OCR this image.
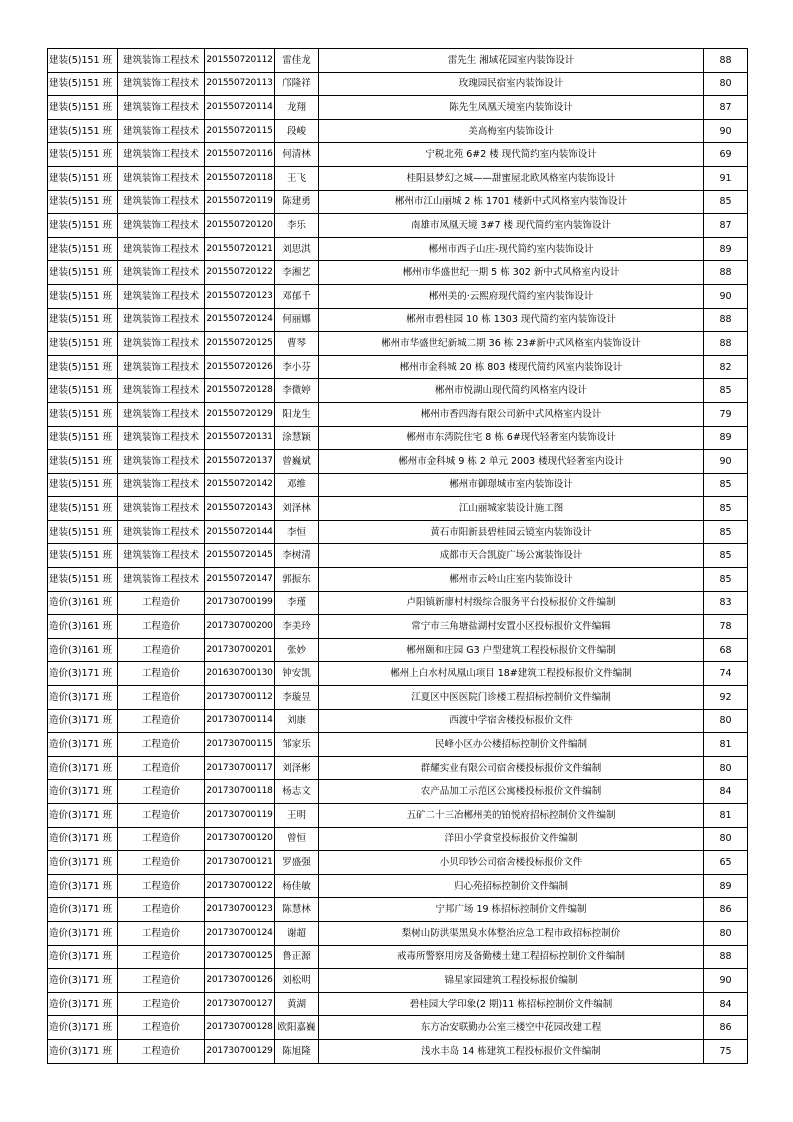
建装(5)151 班	建筑装饰工程技术	201550720112	雷佳龙	雷先生 湘域花园室内装饰设计	88
建装(5)151 班	建筑装饰工程技术	201550720113	邝隆祥	玫瑰园民宿室内装饰设计	80
建装(5)151 班	建筑装饰工程技术	201550720114	龙翔	陈先生凤凰天境室内装饰设计	87
建装(5)151 班	建筑装饰工程技术	201550720115	段峻	美高梅室内装饰设计	90
建装(5)151 班	建筑装饰工程技术	201550720116	何清林	宁税北苑 6#2 楼 现代简约室内装饰设计	69
建装(5)151 班	建筑装饰工程技术	201550720118	王飞	桂阳县梦幻之城——甜蜜屋北欧风格室内装饰设计	91
建装(5)151 班	建筑装饰工程技术	201550720119	陈建勇	郴州市江山丽城 2 栋 1701 楼新中式风格室内装饰设计	85
建装(5)151 班	建筑装饰工程技术	201550720120	李乐	南雄市凤凰天境 3#7 楼 现代简约室内装饰设计	87
建装(5)151 班	建筑装饰工程技术	201550720121	刘思淇	郴州市西子山庄-现代简约室内装饰设计	89
建装(5)151 班	建筑装饰工程技术	201550720122	李湘艺	郴州市华盛世纪一期 5 栋 302 新中式风格室内设计	88
建装(5)151 班	建筑装饰工程技术	201550720123	邓郁千	郴州美的·云熙府现代简约室内装饰设计	90
建装(5)151 班	建筑装饰工程技术	201550720124	何丽娜	郴州市碧桂园 10 栋 1303 现代简约室内装饰设计	88
建装(5)151 班	建筑装饰工程技术	201550720125	曹琴	郴州市华盛世纪新城二期 36 栋 23#新中式风格室内装饰设计	88
建装(5)151 班	建筑装饰工程技术	201550720126	李小芬	郴州市金科城 20 栋 803 楼现代简约风室内装饰设计	82
建装(5)151 班	建筑装饰工程技术	201550720128	李微婷	郴州市悦湖山现代简约风格室内设计	85
建装(5)151 班	建筑装饰工程技术	201550720129	阳龙生	郴州市香四海有限公司新中式风格室内设计	79
建装(5)151 班	建筑装饰工程技术	201550720131	涂慧颖	郴州市东湾院住宅 8 栋 6#现代轻奢室内装饰设计	89
建装(5)151 班	建筑装饰工程技术	201550720137	曾巍斌	郴州市金科城 9 栋 2 单元 2003 楼现代轻奢室内设计	90
建装(5)151 班	建筑装饰工程技术	201550720142	邓维	郴州市御璟城市室内装饰设计	85
建装(5)151 班	建筑装饰工程技术	201550720143	刘泽林	江山丽城家装设计施工图	85
建装(5)151 班	建筑装饰工程技术	201550720144	李恒	黄石市阳新县碧桂园云镜室内装饰设计	85
建装(5)151 班	建筑装饰工程技术	201550720145	李树清	成都市天合凯旋广场公寓装饰设计	85
建装(5)151 班	建筑装饰工程技术	201550720147	郭振东	郴州市云岭山庄室内装饰设计	85
造价(3)161 班	工程造价	201730700199	李瑾	卢阳镇新廖村村级综合服务平台投标报价文件编制	83
造价(3)161 班	工程造价	201730700200	李美玲	常宁市三角塘盐湖村安置小区投标报价文件编辑	78
造价(3)161 班	工程造价	201730700201	张妙	郴州颐和庄园 G3 户型建筑工程投标报价文件编制	68
造价(3)171 班	工程造价	201630700130	钟安凯	郴州上白水村凤凰山项目 18#建筑工程投标报价文件编制	74
造价(3)171 班	工程造价	201730700112	李璇昱	江夏区中医医院门诊楼工程招标控制价文件编制	92
造价(3)171 班	工程造价	201730700114	刘康	西渡中学宿舍楼投标报价文件	80
造价(3)171 班	工程造价	201730700115	邹家乐	民峰小区办公楼招标控制价文件编制	81
造价(3)171 班	工程造价	201730700117	刘泽彬	群耀实业有限公司宿舍楼投标报价文件编制	80
造价(3)171 班	工程造价	201730700118	杨志文	农产品加工示范区公寓楼投标报价文件编制	84
造价(3)171 班	工程造价	201730700119	王明	五矿二十三冶郴州美的铂悦府招标控制价文件编制	81
造价(3)171 班	工程造价	201730700120	曾恒	洋田小学食堂投标报价文件编制	80
造价(3)171 班	工程造价	201730700121	罗盛强	小贝印钞公司宿舍楼投标报价文件	65
造价(3)171 班	工程造价	201730700122	杨佳敏	归心苑招标控制价文件编制	89
造价(3)171 班	工程造价	201730700123	陈慧林	宁邦广场 19 栋招标控制价文件编制	86
造价(3)171 班	工程造价	201730700124	谢超	梨树山防洪渠黑臭水体整治应急工程市政招标控制价	80
造价(3)171 班	工程造价	201730700125	鲁正源	戒毒所警察用房及备勤楼土建工程招标控制价文件编制	88
造价(3)171 班	工程造价	201730700126	刘松明	锦星家园建筑工程投标报价编制	90
造价(3)171 班	工程造价	201730700127	黄湖	碧桂园大学印象(2 期)11 栋招标控制价文件编制	84
造价(3)171 班	工程造价	201730700128	欧阳嘉巍	东方冶安联勤办公室三楼空中花园改建工程	86
造价(3)171 班	工程造价	201730700129	陈旭隆	浅水丰岛 14 栋建筑工程投标报价文件编制	75
